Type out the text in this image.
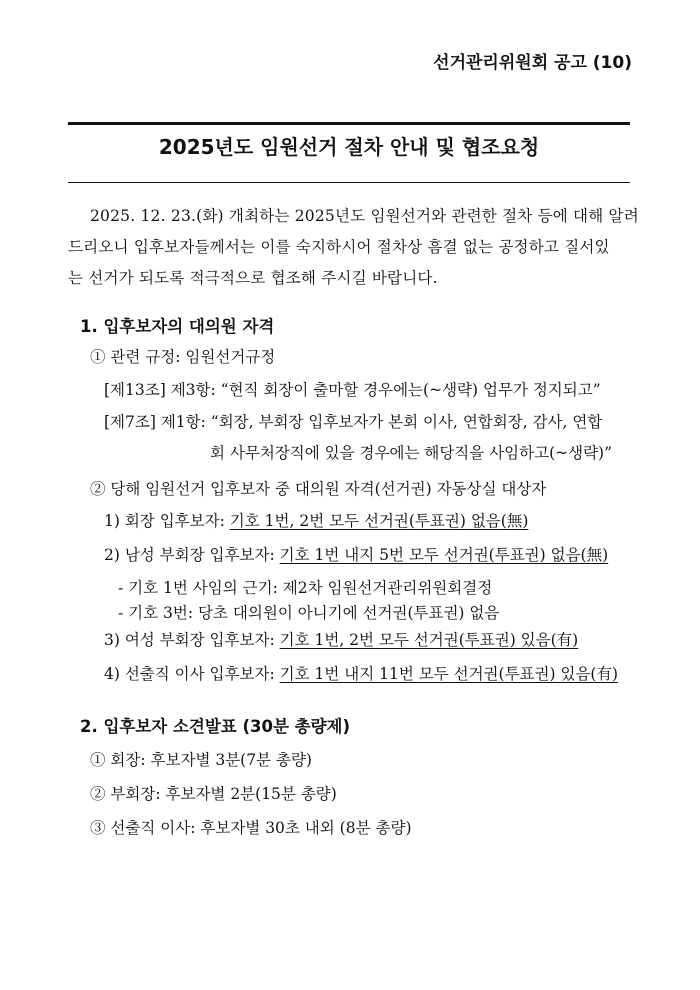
선거관리위원회 공고 (10)
2025년도 임원선거 절차 안내 및 협조요청
2025. 12. 23.(화) 개최하는 2025년도 임원선거와 관련한 절차 등에 대해 알려
드리오니 입후보자들께서는 이를 숙지하시어 절차상 흠결 없는 공정하고 질서있
는 선거가 되도록 적극적으로 협조해 주시길 바랍니다.
1. 입후보자의 대의원 자격
① 관련 규정: 임원선거규정
[제13조] 제3항: “현직 회장이 출마할 경우에는(~생략) 업무가 정지되고”
[제7조] 제1항: “회장, 부회장 입후보자가 본회 이사, 연합회장, 감사, 연합
회 사무처장직에 있을 경우에는 해당직을 사임하고(~생략)”
② 당해 임원선거 입후보자 중 대의원 자격(선거권) 자동상실 대상자
1) 회장 입후보자: 기호 1번, 2번 모두 선거권(투표권) 없음(無)
2) 남성 부회장 입후보자: 기호 1번 내지 5번 모두 선거권(투표권) 없음(無)
- 기호 1번 사임의 근기: 제2차 임원선거관리위원회결정
- 기호 3번: 당초 대의원이 아니기에 선거권(투표권) 없음
3) 여성 부회장 입후보자: 기호 1번, 2번 모두 선거권(투표권) 있음(有)
4) 선출직 이사 입후보자: 기호 1번 내지 11번 모두 선거권(투표권) 있음(有)
2. 입후보자 소견발표 (30분 총량제)
① 회장: 후보자별 3분(7분 총량)
② 부회장: 후보자별 2분(15분 총량)
③ 선출직 이사: 후보자별 30초 내외 (8분 총량)
